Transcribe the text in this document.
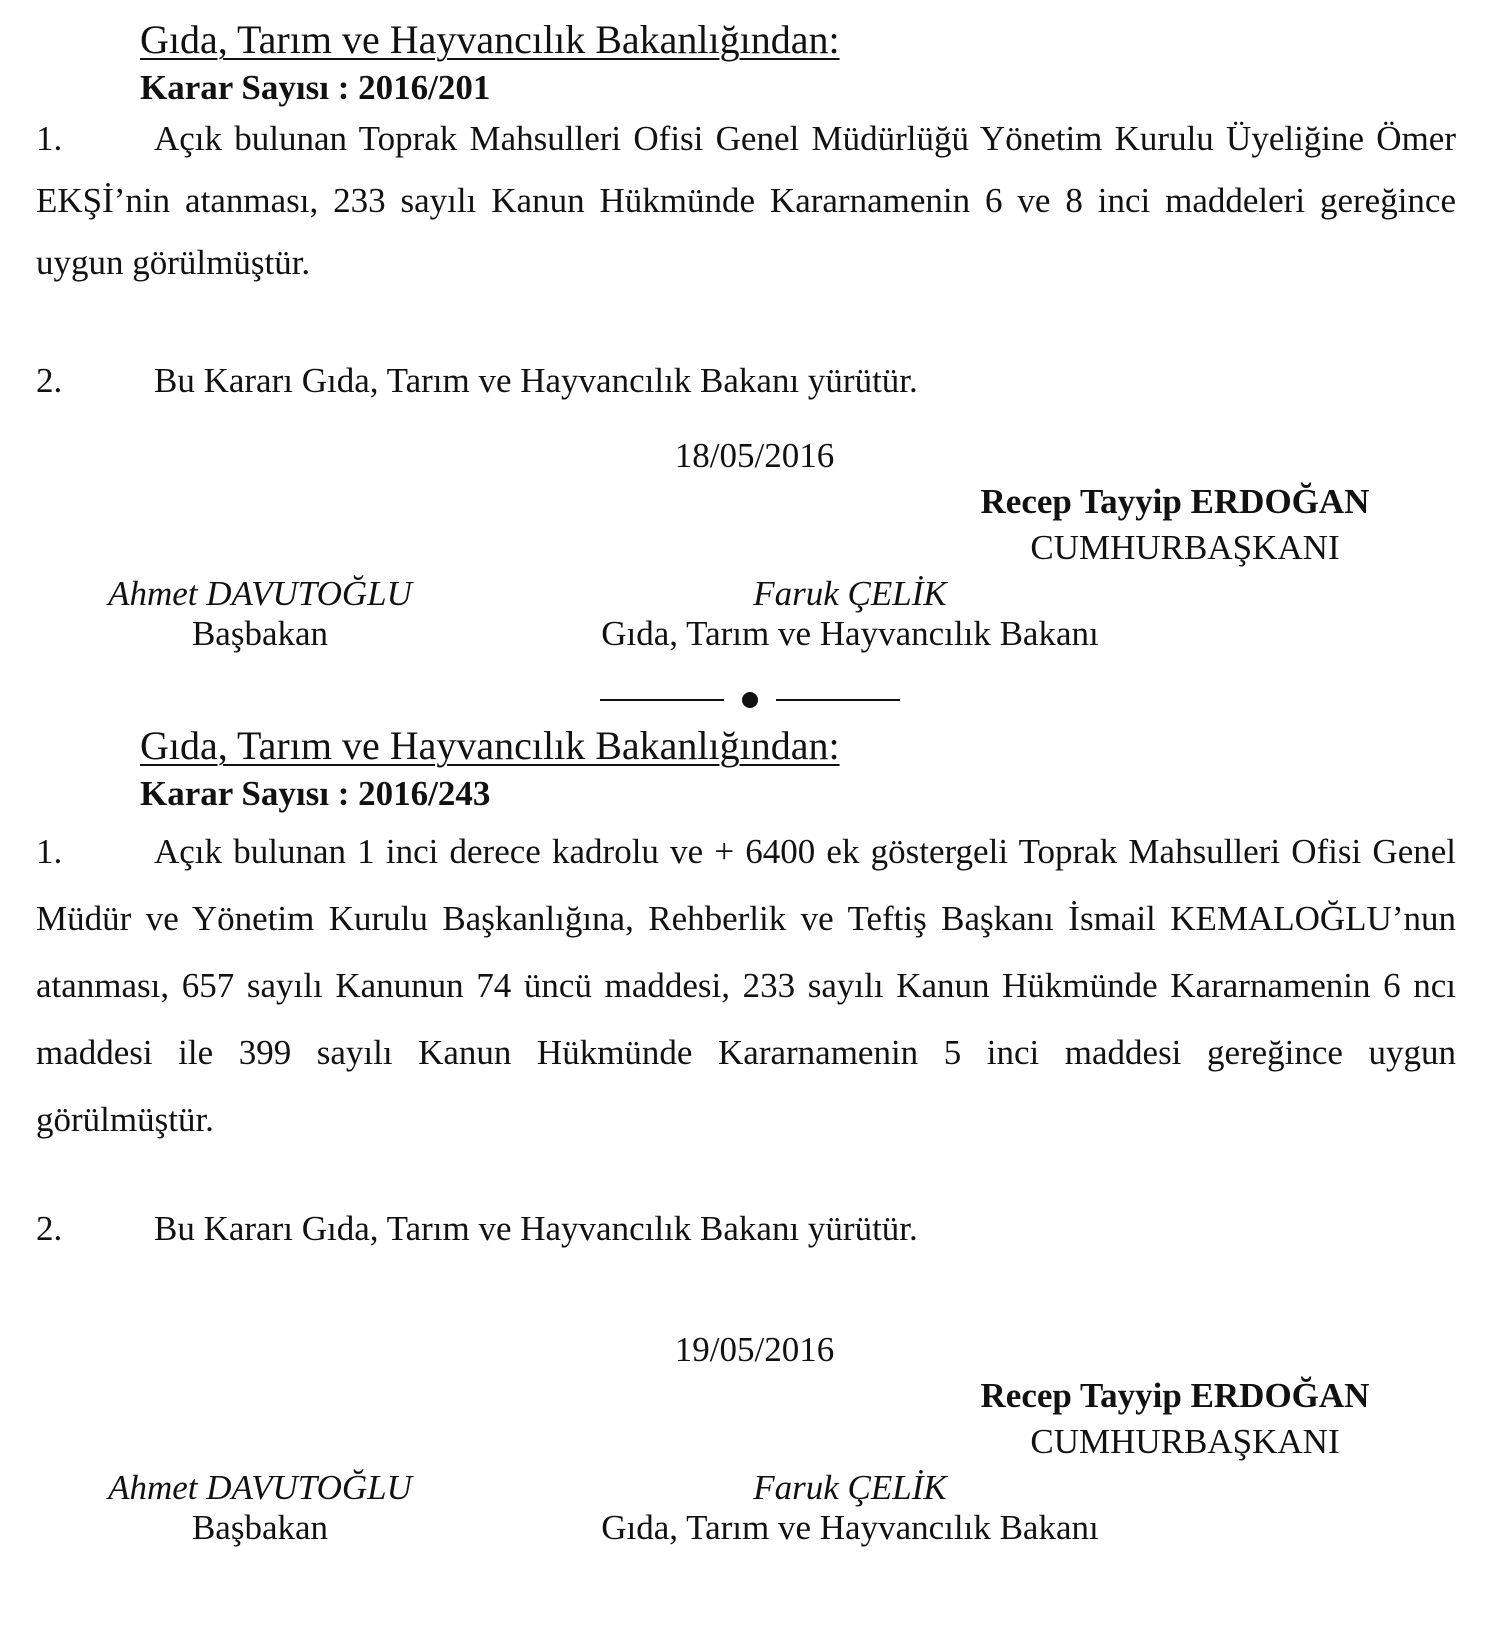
Gıda, Tarım ve Hayvancılık Bakanlığından:
Karar Sayısı : 2016/201
1.	Açık bulunan Toprak Mahsulleri Ofisi Genel Müdürlüğü Yönetim Kurulu Üyeliğine Ömer EKŞİ’nin atanması, 233 sayılı Kanun Hükmünde Kararnamenin 6 ve 8 inci maddeleri gereğince uygun görülmüştür.
2.	Bu Kararı Gıda, Tarım ve Hayvancılık Bakanı yürütür.
18/05/2016
Recep Tayyip ERDOĞAN
CUMHURBAŞKANI
Ahmet DAVUTOĞLU
Başbakan
Faruk ÇELİK
Gıda, Tarım ve Hayvancılık Bakanı
Gıda, Tarım ve Hayvancılık Bakanlığından:
Karar Sayısı : 2016/243
1.	Açık bulunan 1 inci derece kadrolu ve + 6400 ek göstergeli Toprak Mahsulleri Ofisi Genel Müdür ve Yönetim Kurulu Başkanlığına, Rehberlik ve Teftiş Başkanı İsmail KEMALOĞLU’nun atanması, 657 sayılı Kanunun 74 üncü maddesi, 233 sayılı Kanun Hükmünde Kararnamenin 6 ncı maddesi ile 399 sayılı Kanun Hükmünde Kararnamenin 5 inci maddesi gereğince uygun görülmüştür.
2.	Bu Kararı Gıda, Tarım ve Hayvancılık Bakanı yürütür.
19/05/2016
Recep Tayyip ERDOĞAN
CUMHURBAŞKANI
Ahmet DAVUTOĞLU
Başbakan
Faruk ÇELİK
Gıda, Tarım ve Hayvancılık Bakanı
